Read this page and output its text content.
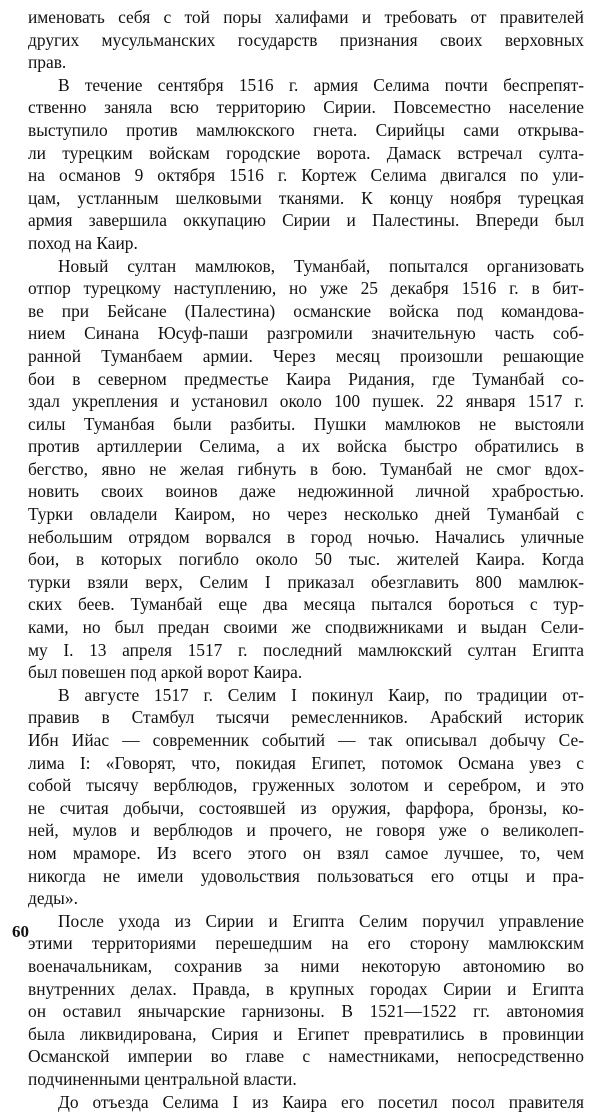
именовать себя с той поры халифами и требовать от правителей
других мусульманских государств признания своих верховных
прав.
В течение сентября 1516 г. армия Селима почти беспрепят-
ственно заняла всю территорию Сирии. Повсеместно население
выступило против мамлюкского гнета. Сирийцы сами открыва-
ли турецким войскам городские ворота. Дамаск встречал султа-
на османов 9 октября 1516 г. Кортеж Селима двигался по ули-
цам, устланным шелковыми тканями. К концу ноября турецкая
армия завершила оккупацию Сирии и Палестины. Впереди был
поход на Каир.
Новый султан мамлюков, Туманбай, попытался организовать
отпор турецкому наступлению, но уже 25 декабря 1516 г. в бит-
ве при Бейсане (Палестина) османские войска под командова-
нием Синана Юсуф-паши разгромили значительную часть соб-
ранной Туманбаем армии. Через месяц произошли решающие
бои в северном предместье Каира Ридания, где Туманбай со-
здал укрепления и установил около 100 пушек. 22 января 1517 г.
силы Туманбая были разбиты. Пушки мамлюков не выстояли
против артиллерии Селима, а их войска быстро обратились в
бегство, явно не желая гибнуть в бою. Туманбай не смог вдох-
новить своих воинов даже недюжинной личной храбростью.
Турки овладели Каиром, но через несколько дней Туманбай с
небольшим отрядом ворвался в город ночью. Начались уличные
бои, в которых погибло около 50 тыс. жителей Каира. Когда
турки взяли верх, Селим I приказал обезглавить 800 мамлюк-
ских беев. Туманбай еще два месяца пытался бороться с тур-
ками, но был предан своими же сподвижниками и выдан Сели-
му I. 13 апреля 1517 г. последний мамлюкский султан Египта
был повешен под аркой ворот Каира.
В августе 1517 г. Селим I покинул Каир, по традиции от-
правив в Стамбул тысячи ремесленников. Арабский историк
Ибн Ийас — современник событий — так описывал добычу Се-
лима I: «Говорят, что, покидая Египет, потомок Османа увез с
собой тысячу верблюдов, груженных золотом и серебром, и это
не считая добычи, состоявшей из оружия, фарфора, бронзы, ко-
ней, мулов и верблюдов и прочего, не говоря уже о великолеп-
ном мраморе. Из всего этого он взял самое лучшее, то, чем
никогда не имели удовольствия пользоваться его отцы и пра-
деды».
После ухода из Сирии и Египта Селим поручил управление
этими территориями перешедшим на его сторону мамлюкским
военачальникам, сохранив за ними некоторую автономию во
внутренних делах. Правда, в крупных городах Сирии и Египта
он оставил янычарские гарнизоны. В 1521—1522 гг. автономия
была ликвидирована, Сирия и Египет превратились в провинции
Османской империи во главе с наместниками, непосредственно
подчиненными центральной власти.
До отъезда Селима I из Каира его посетил посол правителя
60
